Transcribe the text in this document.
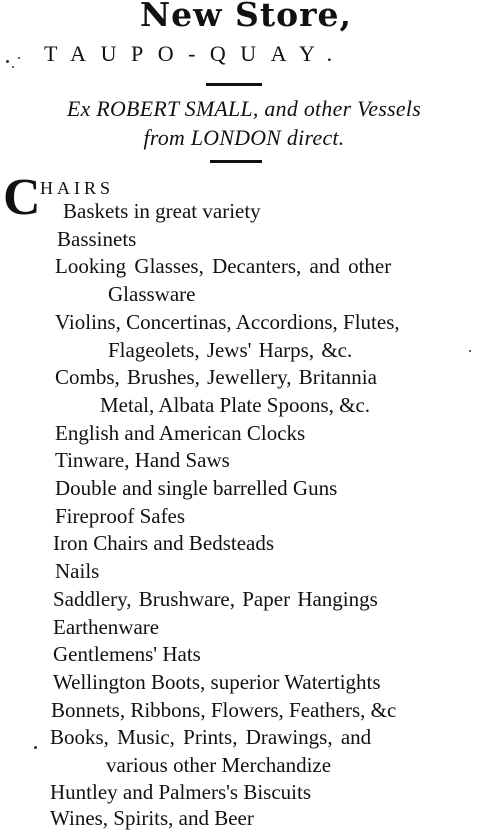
New Store,
TAUPO-QUAY.
Ex ROBERT SMALL, and other Vessels
from LONDON direct.
C HAIRS
Baskets in great variety
Bassinets
Looking Glasses, Decanters, and other
Glassware
Violins, Concertinas, Accordions, Flutes,
Flageolets, Jews' Harps, &c.
Combs, Brushes, Jewellery, Britannia
Metal, Albata Plate Spoons, &c.
English and American Clocks
Tinware, Hand Saws
Double and single barrelled Guns
Fireproof Safes
Iron Chairs and Bedsteads
Nails
Saddlery, Brushware, Paper Hangings
Earthenware
Gentlemens' Hats
Wellington Boots, superior Watertights
Bonnets, Ribbons, Flowers, Feathers, &c
Books, Music, Prints, Drawings, and
various other Merchandize
Huntley and Palmers's Biscuits
Wines, Spirits, and Beer
